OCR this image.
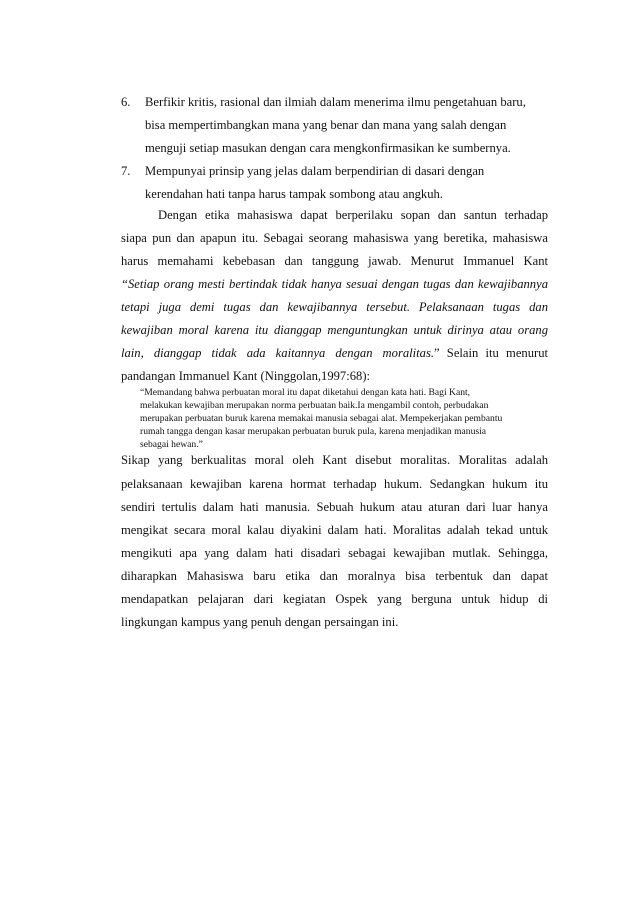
6. Berfikir kritis, rasional dan ilmiah dalam menerima ilmu pengetahuan baru,
bisa mempertimbangkan mana yang benar dan mana yang salah dengan
menguji setiap masukan dengan cara mengkonfirmasikan ke sumbernya.
7. Mempunyai prinsip yang jelas dalam berpendirian di dasari dengan
kerendahan hati tanpa harus tampak sombong atau angkuh.
Dengan etika mahasiswa dapat berperilaku sopan dan santun terhadap
siapa pun dan apapun itu. Sebagai seorang mahasiswa yang beretika, mahasiswa
harus memahami kebebasan dan tanggung jawab. Menurut Immanuel Kant
“Setiap orang mesti bertindak tidak hanya sesuai dengan tugas dan kewajibannya
tetapi juga demi tugas dan kewajibannya tersebut. Pelaksanaan tugas dan
kewajiban moral karena itu dianggap menguntungkan untuk dirinya atau orang
lain, dianggap tidak ada kaitannya dengan moralitas. ” Selain itu menurut
pandangan Immanuel Kant (Ninggolan,1997:68):
“Memandang bahwa perbuatan moral itu dapat diketahui dengan kata hati. Bagi Kant,
melakukan kewajiban merupakan norma perbuatan baik.Ia mengambil contoh, perbudakan
merupakan perbuatan buruk karena memakai manusia sebagai alat. Mempekerjakan pembantu
rumah tangga dengan kasar merupakan perbuatan buruk pula, karena menjadikan manusia
sebagai hewan.”
Sikap yang berkualitas moral oleh Kant disebut moralitas. Moralitas adalah
pelaksanaan kewajiban karena hormat terhadap hukum. Sedangkan hukum itu
sendiri tertulis dalam hati manusia. Sebuah hukum atau aturan dari luar hanya
mengikat secara moral kalau diyakini dalam hati. Moralitas adalah tekad untuk
mengikuti apa yang dalam hati disadari sebagai kewajiban mutlak. Sehingga,
diharapkan Mahasiswa baru etika dan moralnya bisa terbentuk dan dapat
mendapatkan pelajaran dari kegiatan Ospek yang berguna untuk hidup di
lingkungan kampus yang penuh dengan persaingan ini.
